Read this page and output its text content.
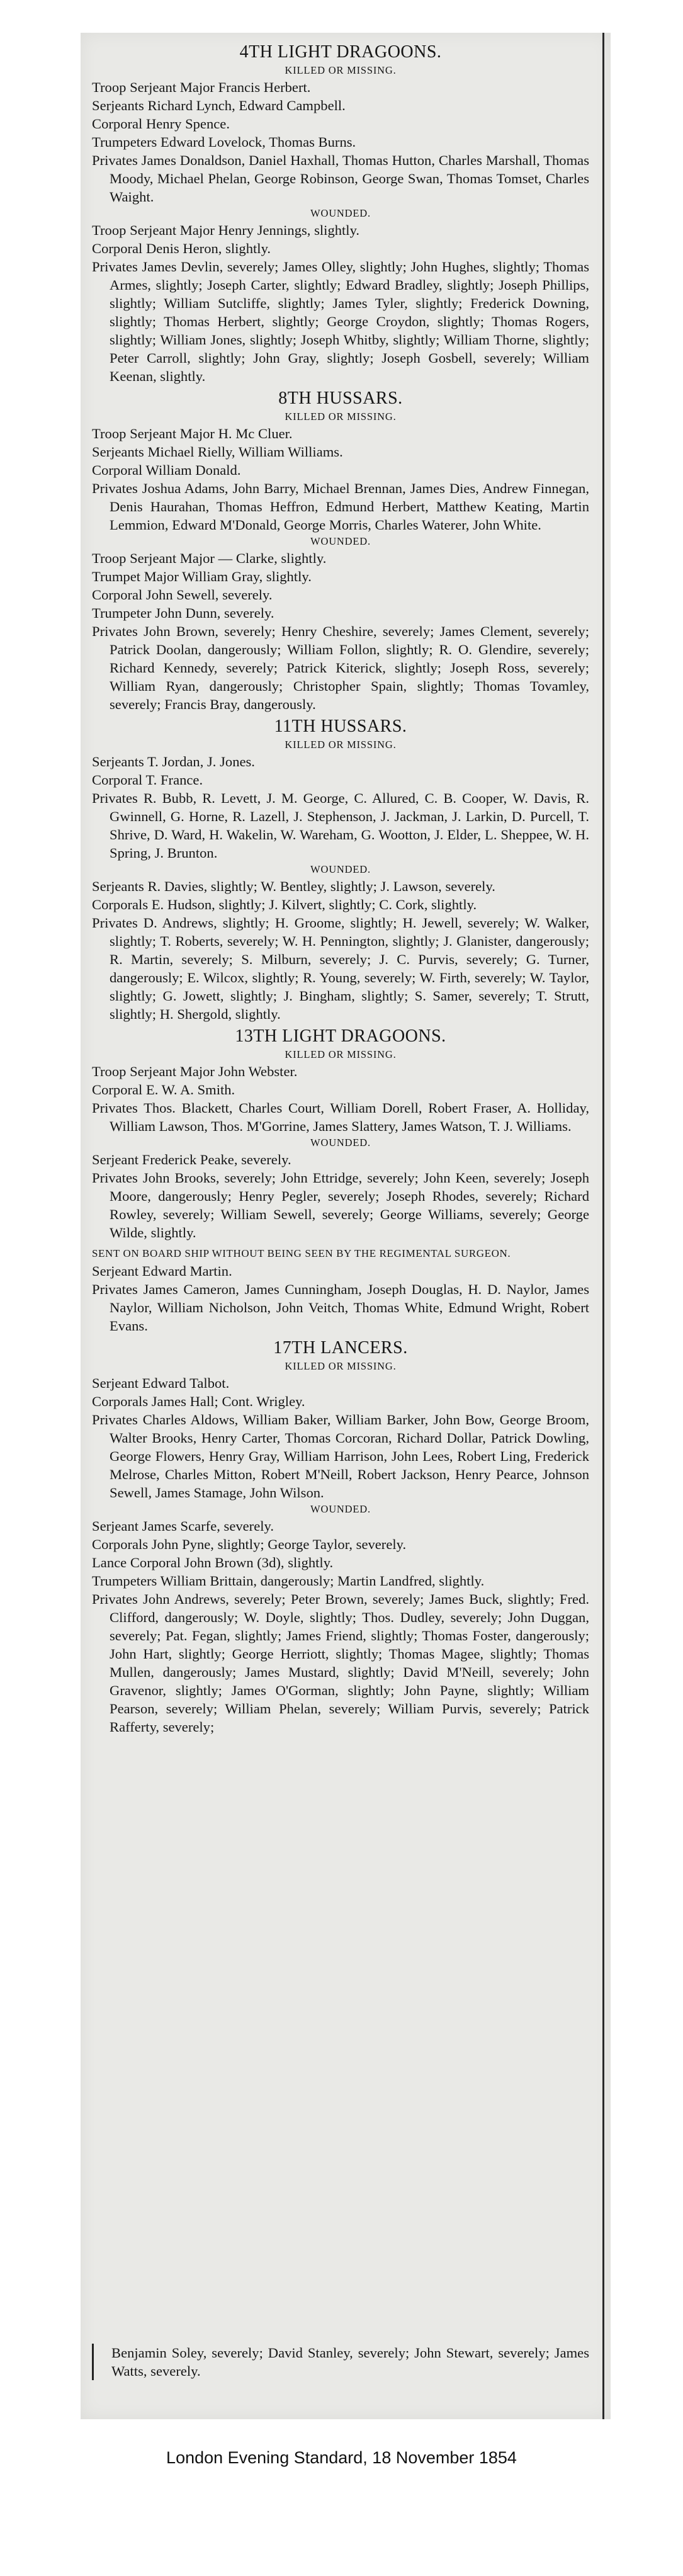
4TH LIGHT DRAGOONS.
KILLED OR MISSING.
Troop Serjeant Major Francis Herbert.
Serjeants Richard Lynch, Edward Campbell.
Corporal Henry Spence.
Trumpeters Edward Lovelock, Thomas Burns.
Privates James Donaldson, Daniel Haxhall, Thomas Hutton, Charles Marshall, Thomas Moody, Michael Phelan, George Robinson, George Swan, Thomas Tomset, Charles Waight.
WOUNDED.
Troop Serjeant Major Henry Jennings, slightly.
Corporal Denis Heron, slightly.
Privates James Devlin, severely; James Olley, slightly; John Hughes, slightly; Thomas Armes, slightly; Joseph Carter, slightly; Edward Bradley, slightly; Joseph Phillips, slightly; William Sutcliffe, slightly; James Tyler, slightly; Frederick Downing, slightly; Thomas Herbert, slightly; George Croydon, slightly; Thomas Rogers, slightly; William Jones, slightly; Joseph Whitby, slightly; William Thorne, slightly; Peter Carroll, slightly; John Gray, slightly; Joseph Gosbell, severely; William Keenan, slightly.
8TH HUSSARS.
KILLED OR MISSING.
Troop Serjeant Major H. Mc Cluer.
Serjeants Michael Rielly, William Williams.
Corporal William Donald.
Privates Joshua Adams, John Barry, Michael Brennan, James Dies, Andrew Finnegan, Denis Haurahan, Thomas Heffron, Edmund Herbert, Matthew Keating, Martin Lemmion, Edward M'Donald, George Morris, Charles Waterer, John White.
WOUNDED.
Troop Serjeant Major — Clarke, slightly.
Trumpet Major William Gray, slightly.
Corporal John Sewell, severely.
Trumpeter John Dunn, severely.
Privates John Brown, severely; Henry Cheshire, severely; James Clement, severely; Patrick Doolan, dangerously; William Follon, slightly; R. O. Glendire, severely; Richard Kennedy, severely; Patrick Kiterick, slightly; Joseph Ross, severely; William Ryan, dangerously; Christopher Spain, slightly; Thomas Tovamley, severely; Francis Bray, dangerously.
11TH HUSSARS.
KILLED OR MISSING.
Serjeants T. Jordan, J. Jones.
Corporal T. France.
Privates R. Bubb, R. Levett, J. M. George, C. Allured, C. B. Cooper, W. Davis, R. Gwinnell, G. Horne, R. Lazell, J. Stephenson, J. Jackman, J. Larkin, D. Purcell, T. Shrive, D. Ward, H. Wakelin, W. Wareham, G. Wootton, J. Elder, L. Sheppee, W. H. Spring, J. Brunton.
WOUNDED.
Serjeants R. Davies, slightly; W. Bentley, slightly; J. Lawson, severely.
Corporals E. Hudson, slightly; J. Kilvert, slightly; C. Cork, slightly.
Privates D. Andrews, slightly; H. Groome, slightly; H. Jewell, severely; W. Walker, slightly; T. Roberts, severely; W. H. Pennington, slightly; J. Glanister, dangerously; R. Martin, severely; S. Milburn, severely; J. C. Purvis, severely; G. Turner, dangerously; E. Wilcox, slightly; R. Young, severely; W. Firth, severely; W. Taylor, slightly; G. Jowett, slightly; J. Bingham, slightly; S. Samer, severely; T. Strutt, slightly; H. Shergold, slightly.
13TH LIGHT DRAGOONS.
KILLED OR MISSING.
Troop Serjeant Major John Webster.
Corporal E. W. A. Smith.
Privates Thos. Blackett, Charles Court, William Dorell, Robert Fraser, A. Holliday, William Lawson, Thos. M'Gorrine, James Slattery, James Watson, T. J. Williams.
WOUNDED.
Serjeant Frederick Peake, severely.
Privates John Brooks, severely; John Ettridge, severely; John Keen, severely; Joseph Moore, dangerously; Henry Pegler, severely; Joseph Rhodes, severely; Richard Rowley, severely; William Sewell, severely; George Williams, severely; George Wilde, slightly.
SENT ON BOARD SHIP WITHOUT BEING SEEN BY THE REGIMENTAL SURGEON.
Serjeant Edward Martin.
Privates James Cameron, James Cunningham, Joseph Douglas, H. D. Naylor, James Naylor, William Nicholson, John Veitch, Thomas White, Edmund Wright, Robert Evans.
17TH LANCERS.
KILLED OR MISSING.
Serjeant Edward Talbot.
Corporals James Hall; Cont. Wrigley.
Privates Charles Aldows, William Baker, William Barker, John Bow, George Broom, Walter Brooks, Henry Carter, Thomas Corcoran, Richard Dollar, Patrick Dowling, George Flowers, Henry Gray, William Harrison, John Lees, Robert Ling, Frederick Melrose, Charles Mitton, Robert M'Neill, Robert Jackson, Henry Pearce, Johnson Sewell, James Stamage, John Wilson.
WOUNDED.
Serjeant James Scarfe, severely.
Corporals John Pyne, slightly; George Taylor, severely.
Lance Corporal John Brown (3d), slightly.
Trumpeters William Brittain, dangerously; Martin Landfred, slightly.
Privates John Andrews, severely; Peter Brown, severely; James Buck, slightly; Fred. Clifford, dangerously; W. Doyle, slightly; Thos. Dudley, severely; John Duggan, severely; Pat. Fegan, slightly; James Friend, slightly; Thomas Foster, dangerously; John Hart, slightly; George Herriott, slightly; Thomas Magee, slightly; Thomas Mullen, dangerously; James Mustard, slightly; David M'Neill, severely; John Gravenor, slightly; James O'Gorman, slightly; John Payne, slightly; William Pearson, severely; William Phelan, severely; William Purvis, severely; Patrick Rafferty, severely;
Benjamin Soley, severely; David Stanley, severely; John Stewart, severely; James Watts, severely.
London Evening Standard, 18 November 1854
